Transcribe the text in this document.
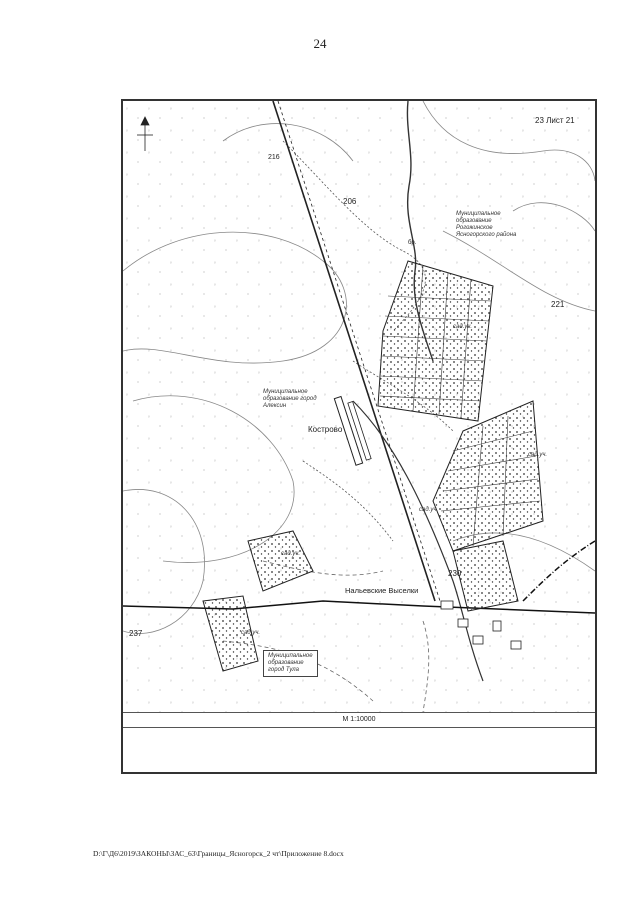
24
23 Лист 21
216
206
221
230
237
Кострово
Нальевские Выселки
бр.
сад.уч.
сад.уч.
сад.уч.
сад.уч.
сад.уч.
Муниципальное
образование город
Алексин
Муниципальное
образование
Рогожинское
Ясногорского района
Муниципальное
образование
город Тула
М 1:10000
D:\Г\Д6\2019\ЗАКОНЫ\ЗАС_63\Границы_Ясногорск_2 чт\Приложение 8.docx
